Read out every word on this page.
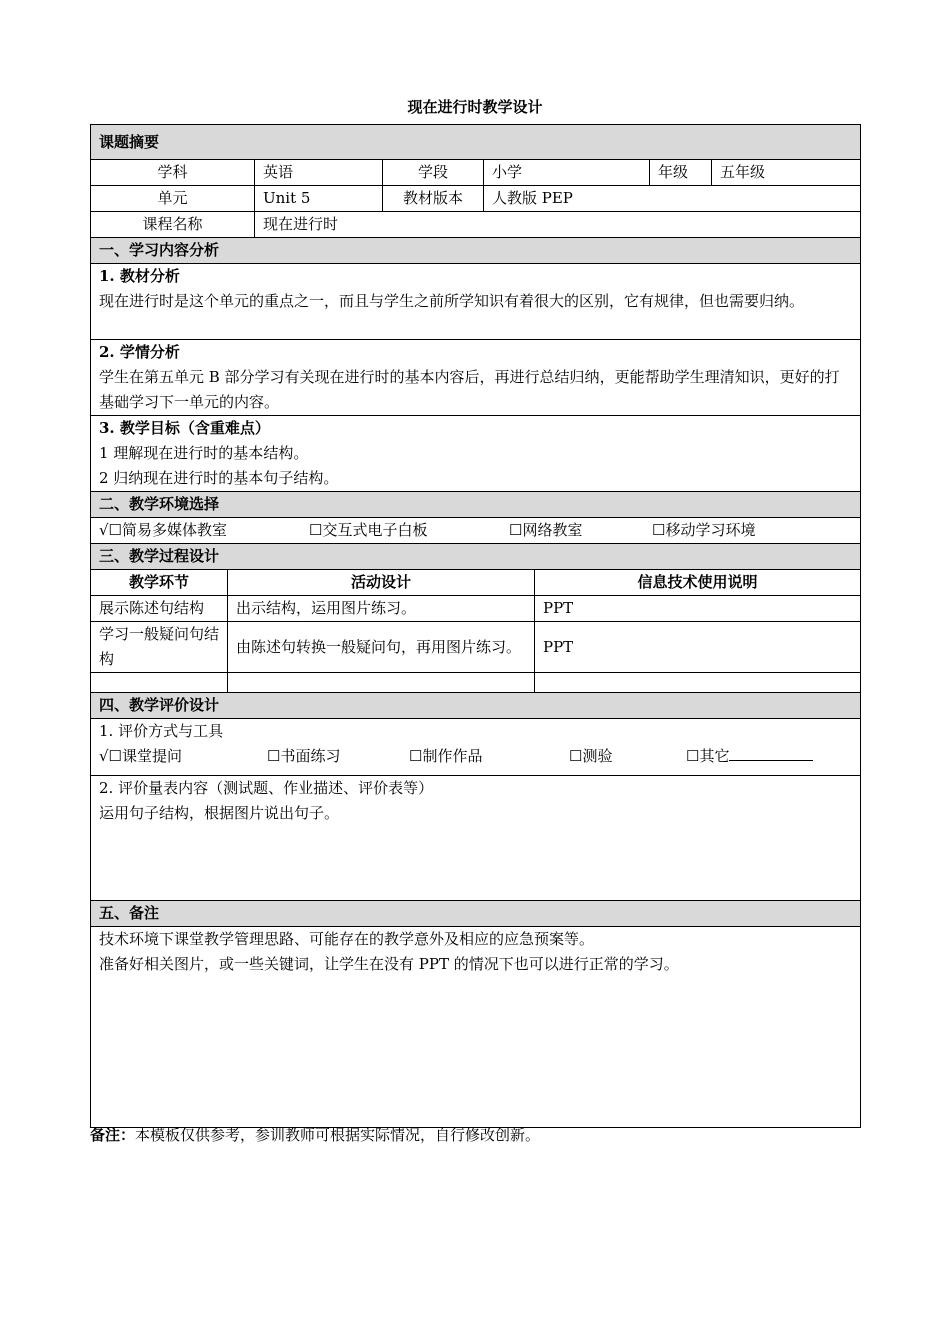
现在进行时教学设计
课题摘要							
学科		英语	学段	小学		年级	五年级
单元		Unit 5	教材版本	人教版 PEP			
课程名称		现在进行时					
一、学习内容分析							

1. 教材分析
现在进行时是这个单元的重点之一，而且与学生之前所学知识有着很大的区别，它有规律，但也需要归纳。							

2. 学情分析
学生在第五单元 B 部分学习有关现在进行时的基本内容后，再进行总结归纳，更能帮助学生理清知识，更好的打基础学习下一单元的内容。							

3. 教学目标（含重难点）
1 理解现在进行时的基本结构。
2 归纳现在进行时的基本句子结构。							

二、教学环境选择							
√☐简易多媒体教室 ☐交互式电子白板 ☐网络教室 ☐移动学习环境							
三、教学过程设计							
教学环节	活动设计				信息技术使用说明		
展示陈述句结构	出示结构，运用图片练习。				PPT		
学习一般疑问句结构	由陈述句转换一般疑问句，再用图片练习。				PPT		

四、教学评价设计							

1. 评价方式与工具
√☐课堂提问 ☐书面练习 ☐制作作品 ☐测验 ☐其它							

2. 评价量表内容（测试题、作业描述、评价表等）
运用句子结构，根据图片说出句子。							

五、备注							

技术环境下课堂教学管理思路、可能存在的教学意外及相应的应急预案等。
准备好相关图片，或一些关键词，让学生在没有 PPT 的情况下也可以进行正常的学习。							
备注：本模板仅供参考，参训教师可根据实际情况，自行修改创新。
